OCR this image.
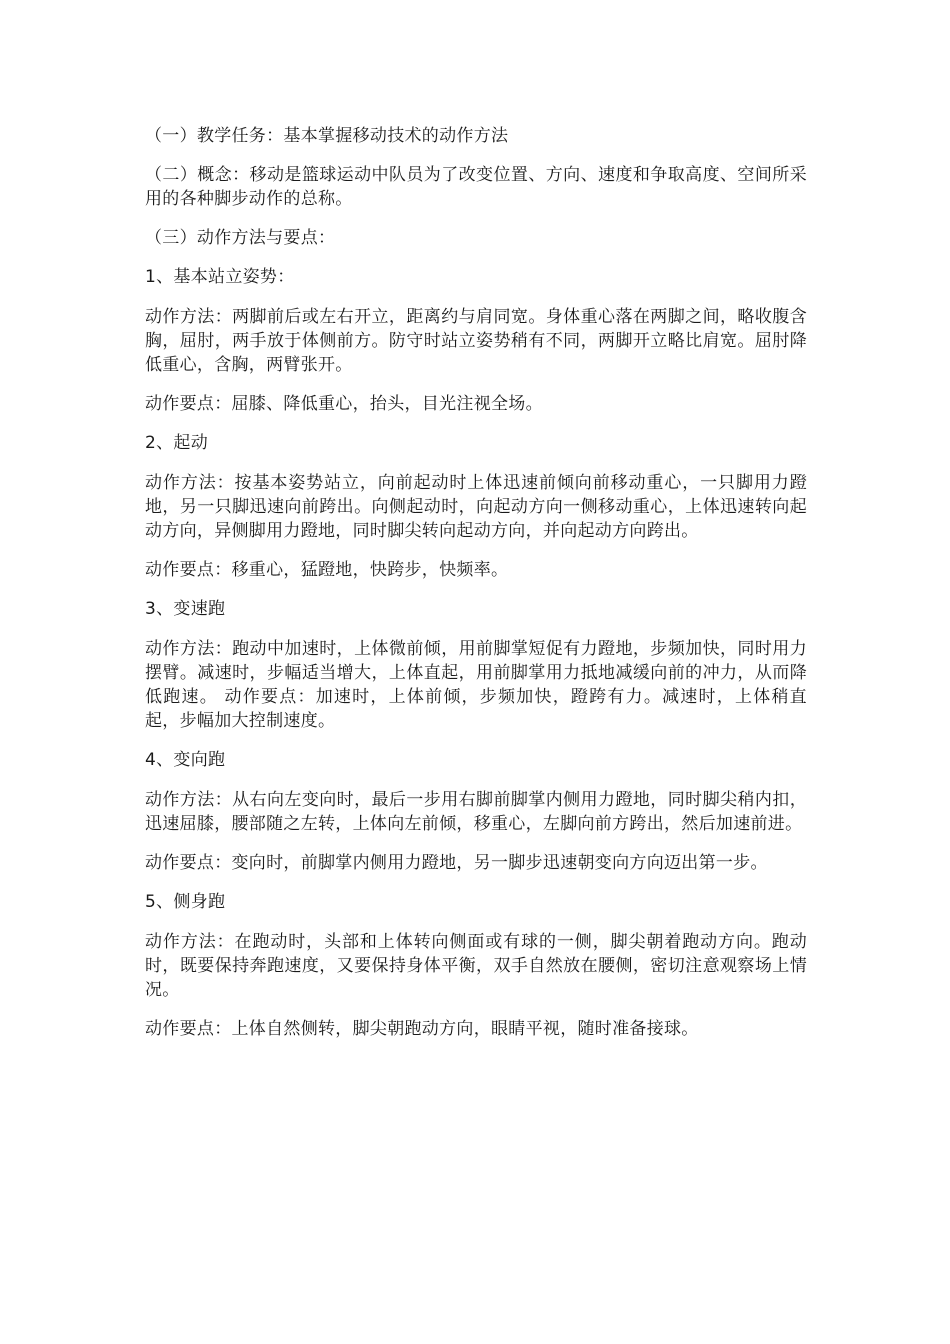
（一）教学任务：基本掌握移动技术的动作方法

（二）概念：移动是篮球运动中队员为了改变位置、方向、速度和争取高度、空间所采用的各种脚步动作的总称。

（三）动作方法与要点：

1、基本站立姿势：

动作方法：两脚前后或左右开立，距离约与肩同宽。身体重心落在两脚之间，略收腹含胸，屈肘，两手放于体侧前方。防守时站立姿势稍有不同，两脚开立略比肩宽。屈肘降低重心，含胸，两臂张开。

动作要点：屈膝、降低重心，抬头，目光注视全场。

2、起动

动作方法：按基本姿势站立，向前起动时上体迅速前倾向前移动重心，一只脚用力蹬地，另一只脚迅速向前跨出。向侧起动时，向起动方向一侧移动重心，上体迅速转向起动方向，异侧脚用力蹬地，同时脚尖转向起动方向，并向起动方向跨出。

动作要点：移重心，猛蹬地，快跨步，快频率。

3、变速跑

动作方法：跑动中加速时，上体微前倾，用前脚掌短促有力蹬地，步频加快，同时用力摆臂。减速时，步幅适当增大，上体直起，用前脚掌用力抵地减缓向前的冲力，从而降低跑速。 动作要点：加速时，上体前倾，步频加快，蹬跨有力。减速时，上体稍直起，步幅加大控制速度。

4、变向跑

动作方法：从右向左变向时，最后一步用右脚前脚掌内侧用力蹬地，同时脚尖稍内扣，迅速屈膝，腰部随之左转，上体向左前倾，移重心，左脚向前方跨出，然后加速前进。

动作要点：变向时，前脚掌内侧用力蹬地，另一脚步迅速朝变向方向迈出第一步。

5、侧身跑

动作方法：在跑动时，头部和上体转向侧面或有球的一侧，脚尖朝着跑动方向。跑动时，既要保持奔跑速度，又要保持身体平衡，双手自然放在腰侧，密切注意观察场上情况。

动作要点：上体自然侧转，脚尖朝跑动方向，眼睛平视，随时准备接球。
